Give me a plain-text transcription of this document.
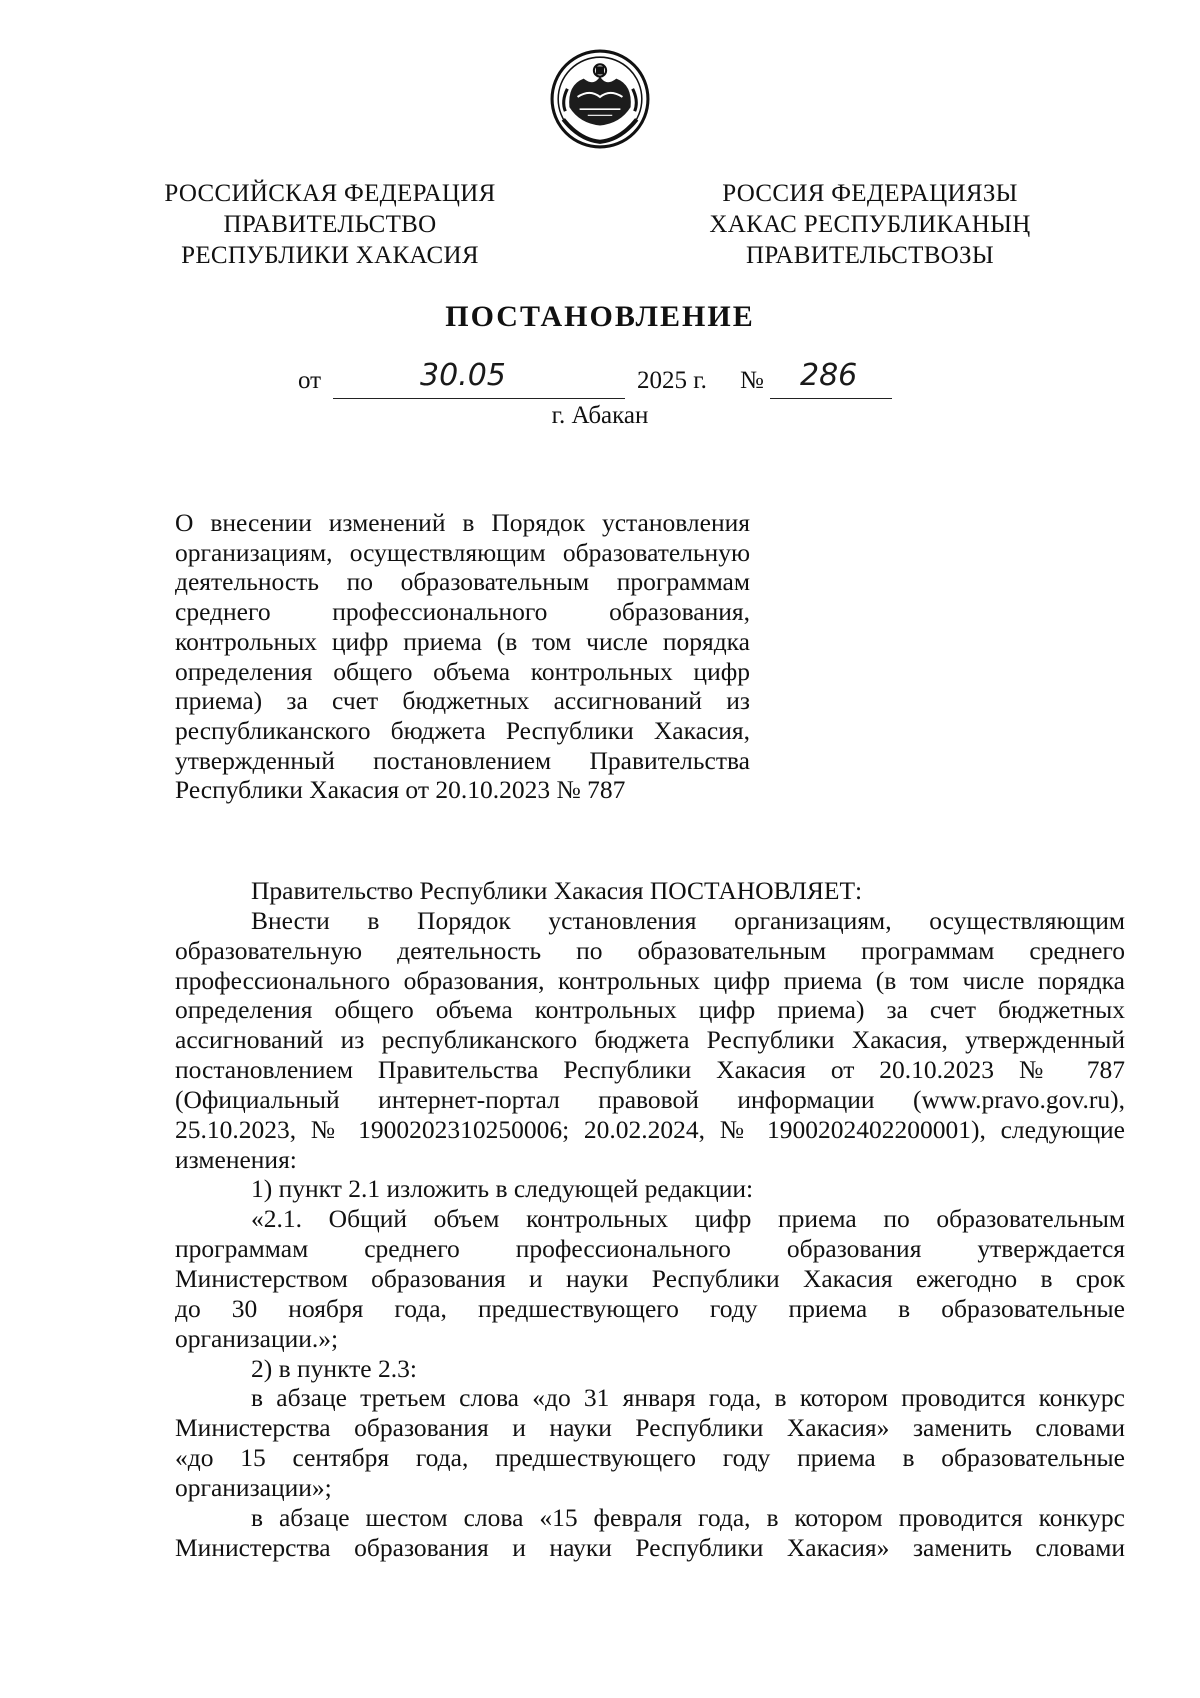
РОССИЙСКАЯ ФЕДЕРАЦИЯ
ПРАВИТЕЛЬСТВО
РЕСПУБЛИКИ ХАКАСИЯ
РОССИЯ ФЕДЕРАЦИЯЗЫ
ХАКАС РЕСПУБЛИКАНЫҢ
ПРАВИТЕЛЬСТВОЗЫ
ПОСТАНОВЛЕНИЕ
от	30.05	2025 г. № 286
г. Абакан
О внесении изменений в Порядок установления
организациям, осуществляющим образовательную
деятельность по образовательным программам
среднего профессионального образования,
контрольных цифр приема (в том числе порядка
определения общего объема контрольных цифр
приема) за счет бюджетных ассигнований из
республиканского бюджета Республики Хакасия,
утвержденный постановлением Правительства
Республики Хакасия от 20.10.2023 № 787

Правительство Республики Хакасия ПОСТАНОВЛЯЕТ:

Внести в Порядок установления организациям, осуществляющим
образовательную деятельность по образовательным программам среднего
профессионального образования, контрольных цифр приема (в том числе порядка
определения общего объема контрольных цифр приема) за счет бюджетных
ассигнований из республиканского бюджета Республики Хакасия, утвержденный
постановлением Правительства Республики Хакасия от 20.10.2023 № 787
(Официальный интернет-портал правовой информации (www.pravo.gov.ru),
25.10.2023, № 1900202310250006; 20.02.2024, № 1900202402200001), следующие
изменения:

1) пункт 2.1 изложить в следующей редакции:

«2.1. Общий объем контрольных цифр приема по образовательным
программам среднего профессионального образования утверждается
Министерством образования и науки Республики Хакасия ежегодно в срок
до 30 ноября года, предшествующего году приема в образовательные
организации.»;

2) в пункте 2.3:

в абзаце третьем слова «до 31 января года, в котором проводится конкурс
Министерства образования и науки Республики Хакасия» заменить словами
«до 15 сентября года, предшествующего году приема в образовательные
организации»;
в абзаце шестом слова «15 февраля года, в котором проводится конкурс
Министерства образования и науки Республики Хакасия» заменить словами
